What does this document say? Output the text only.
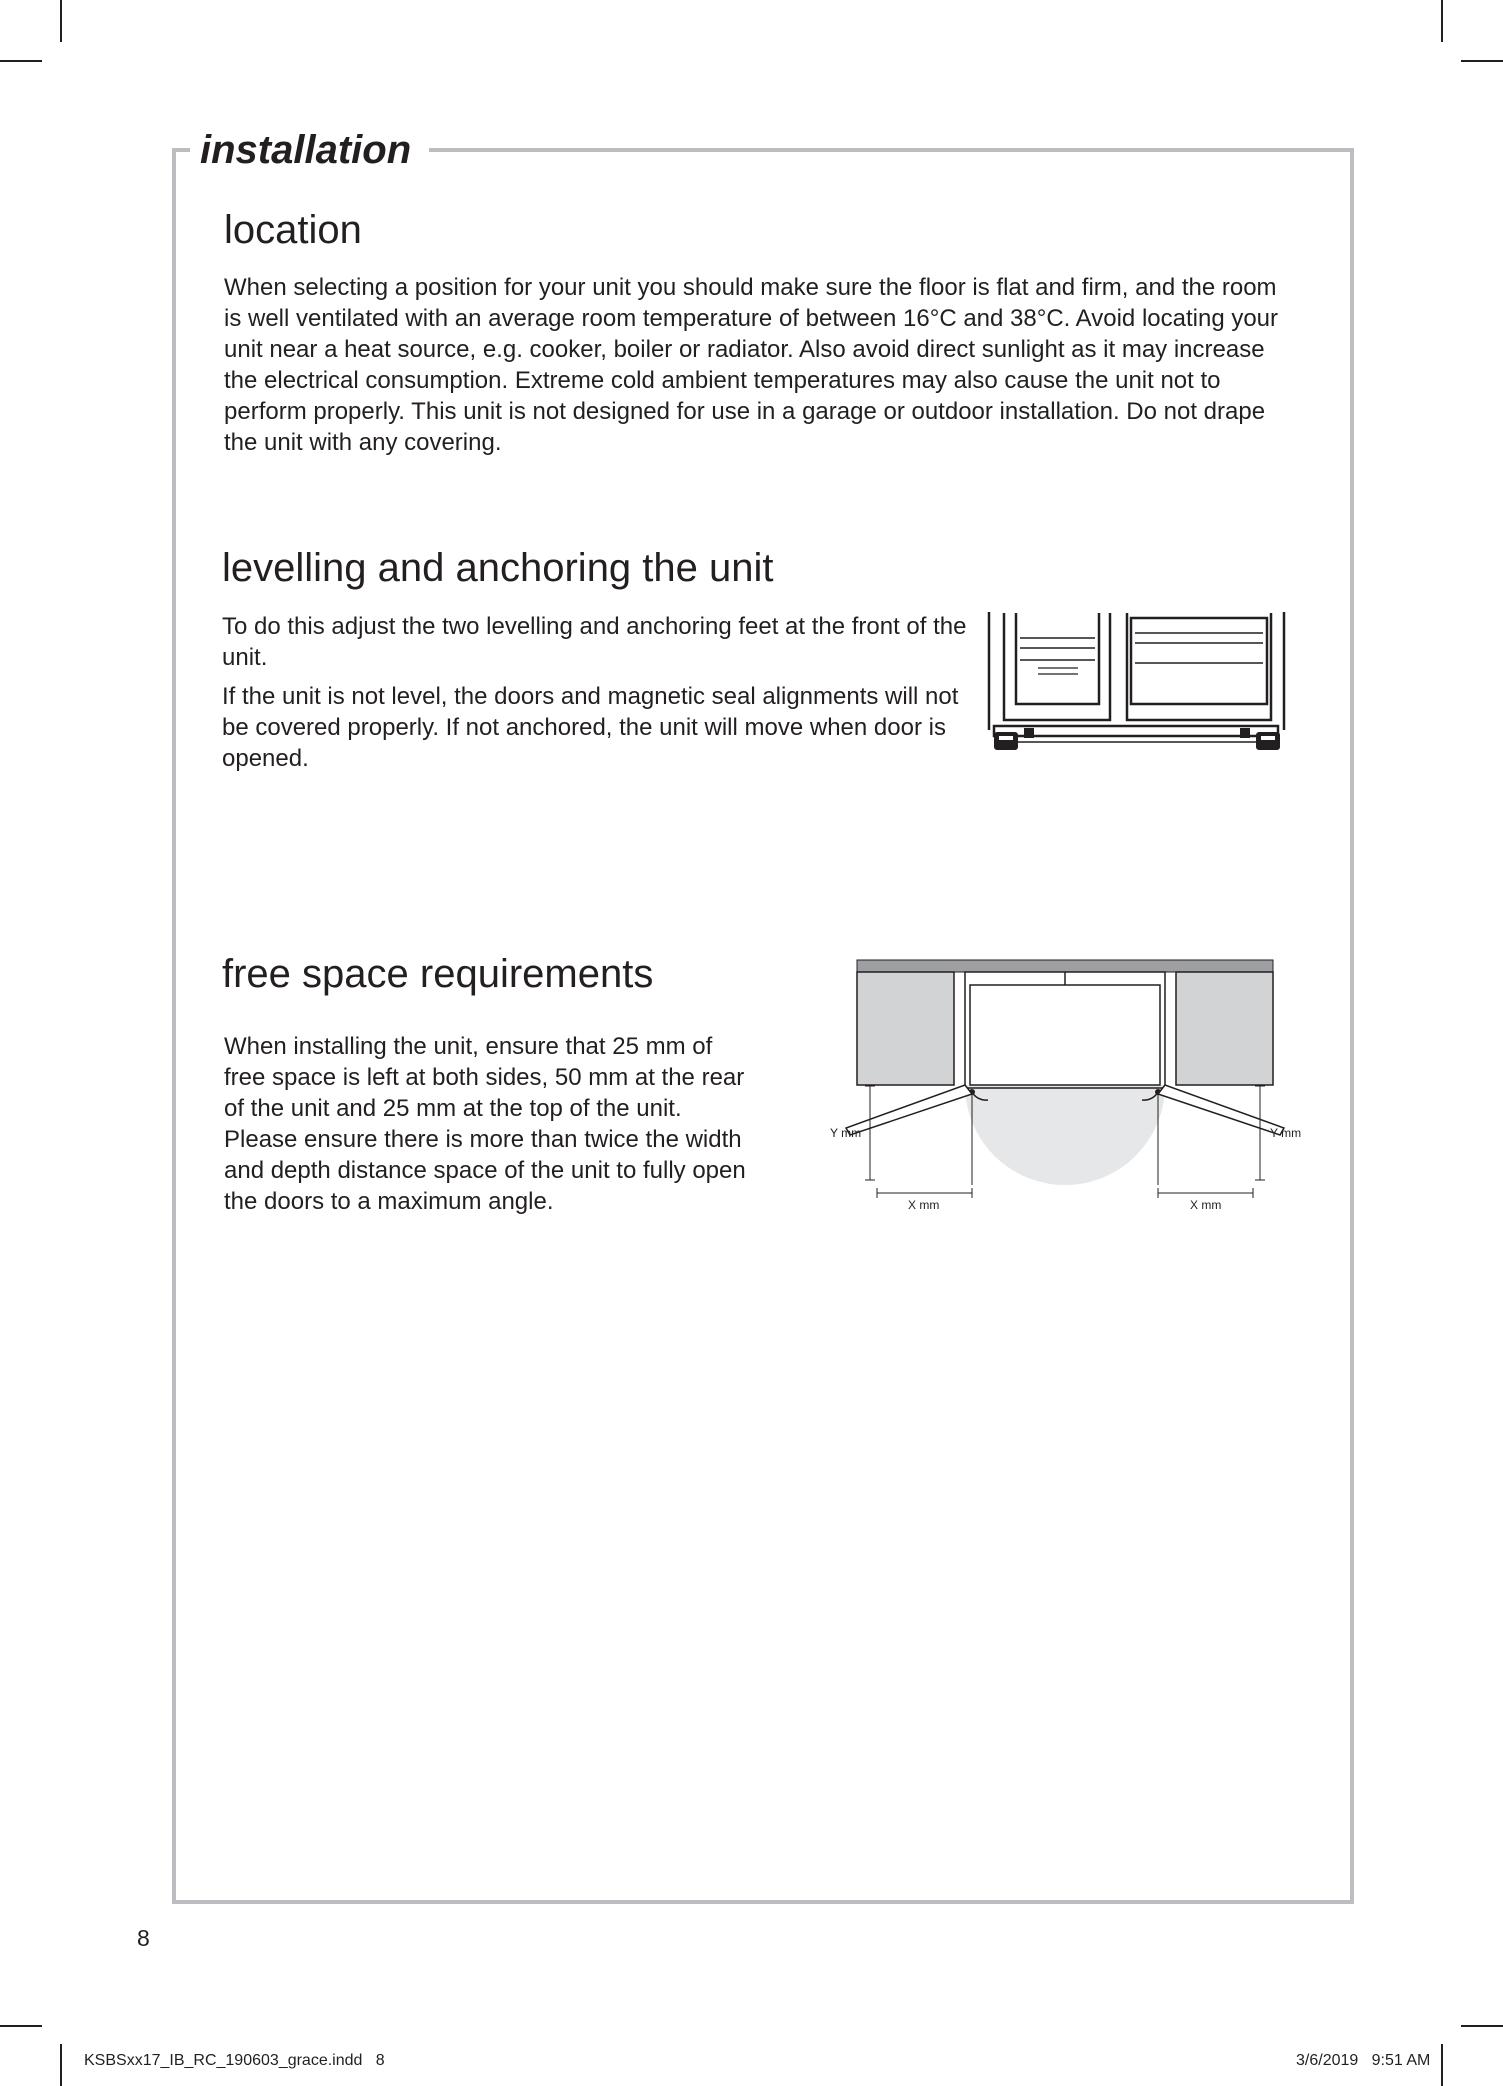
installation
location

When selecting a position for your unit you should make sure the floor is flat and firm, and the room is well ventilated with an average room temperature of between 16°C and 38°C. Avoid locating your unit near a heat source, e.g. cooker, boiler or radiator. Also avoid direct sunlight as it may increase the electrical consumption. Extreme cold ambient temperatures may also cause the unit not to perform properly. This unit is not designed for use in a garage or outdoor installation. Do not drape the unit with any covering.

levelling and anchoring the unit

To do this adjust the two levelling and anchoring feet at the front of the unit.

If the unit is not level, the doors and magnetic seal alignments will not be covered properly. If not anchored, the unit will move when door is opened.

free space requirements

When installing the unit, ensure that 25 mm of free space is left at both sides, 50 mm at the rear of the unit and 25 mm at the top of the unit. Please ensure there is more than twice the width and depth distance space of the unit to fully open the doors to a maximum angle.

Y mm	Y mm
X mm	X mm
8
KSBSxx17_IB_RC_190603_grace.indd   8	3/6/2019   9:51 AM
